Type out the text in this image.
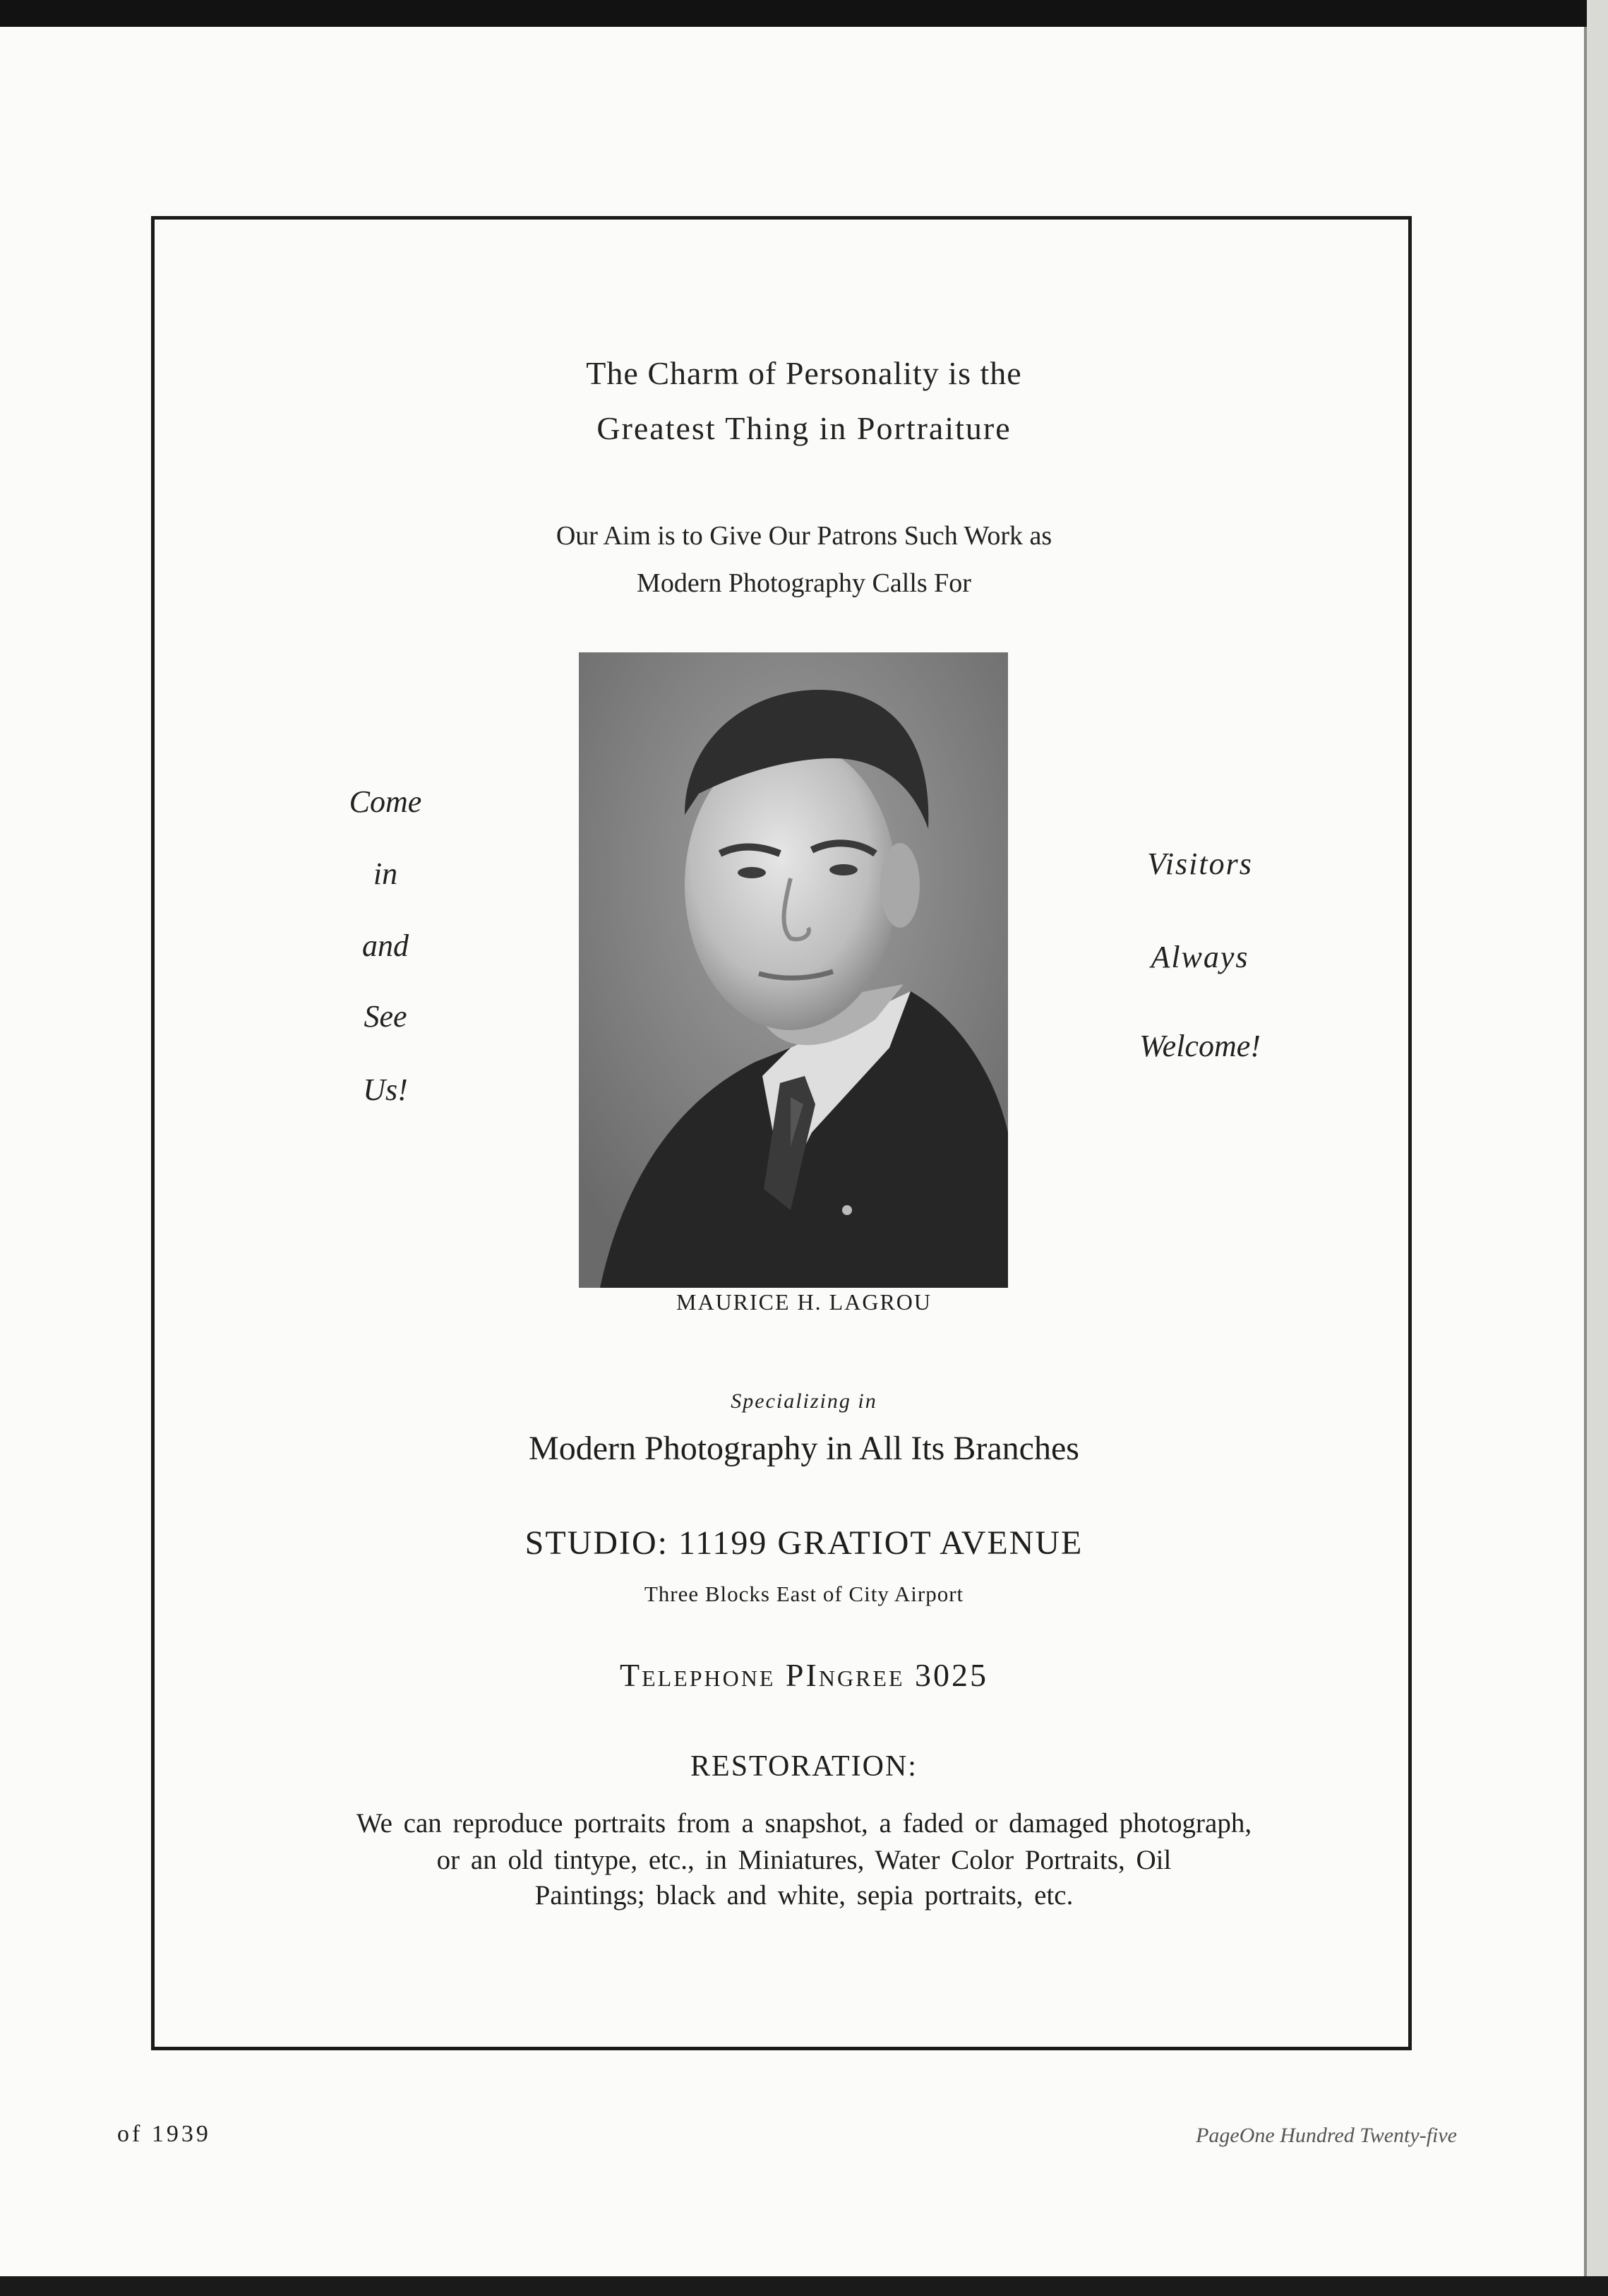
The Charm of Personality is the
Greatest Thing in Portraiture
Our Aim is to Give Our Patrons Such Work as
Modern Photography Calls For
Come
in
and
See
Us!
MAURICE H. LAGROU
Visitors
Always
Welcome!
Specializing in
Modern Photography in All Its Branches
STUDIO: 11199 GRATIOT AVENUE
Three Blocks East of City Airport
Telephone PIngree 3025
RESTORATION:
We can reproduce portraits from a snapshot, a faded or damaged photograph,
or an old tintype, etc., in Miniatures, Water Color Portraits, Oil
Paintings; black and white, sepia portraits, etc.
of 1939	PageOne Hundred Twenty-five
